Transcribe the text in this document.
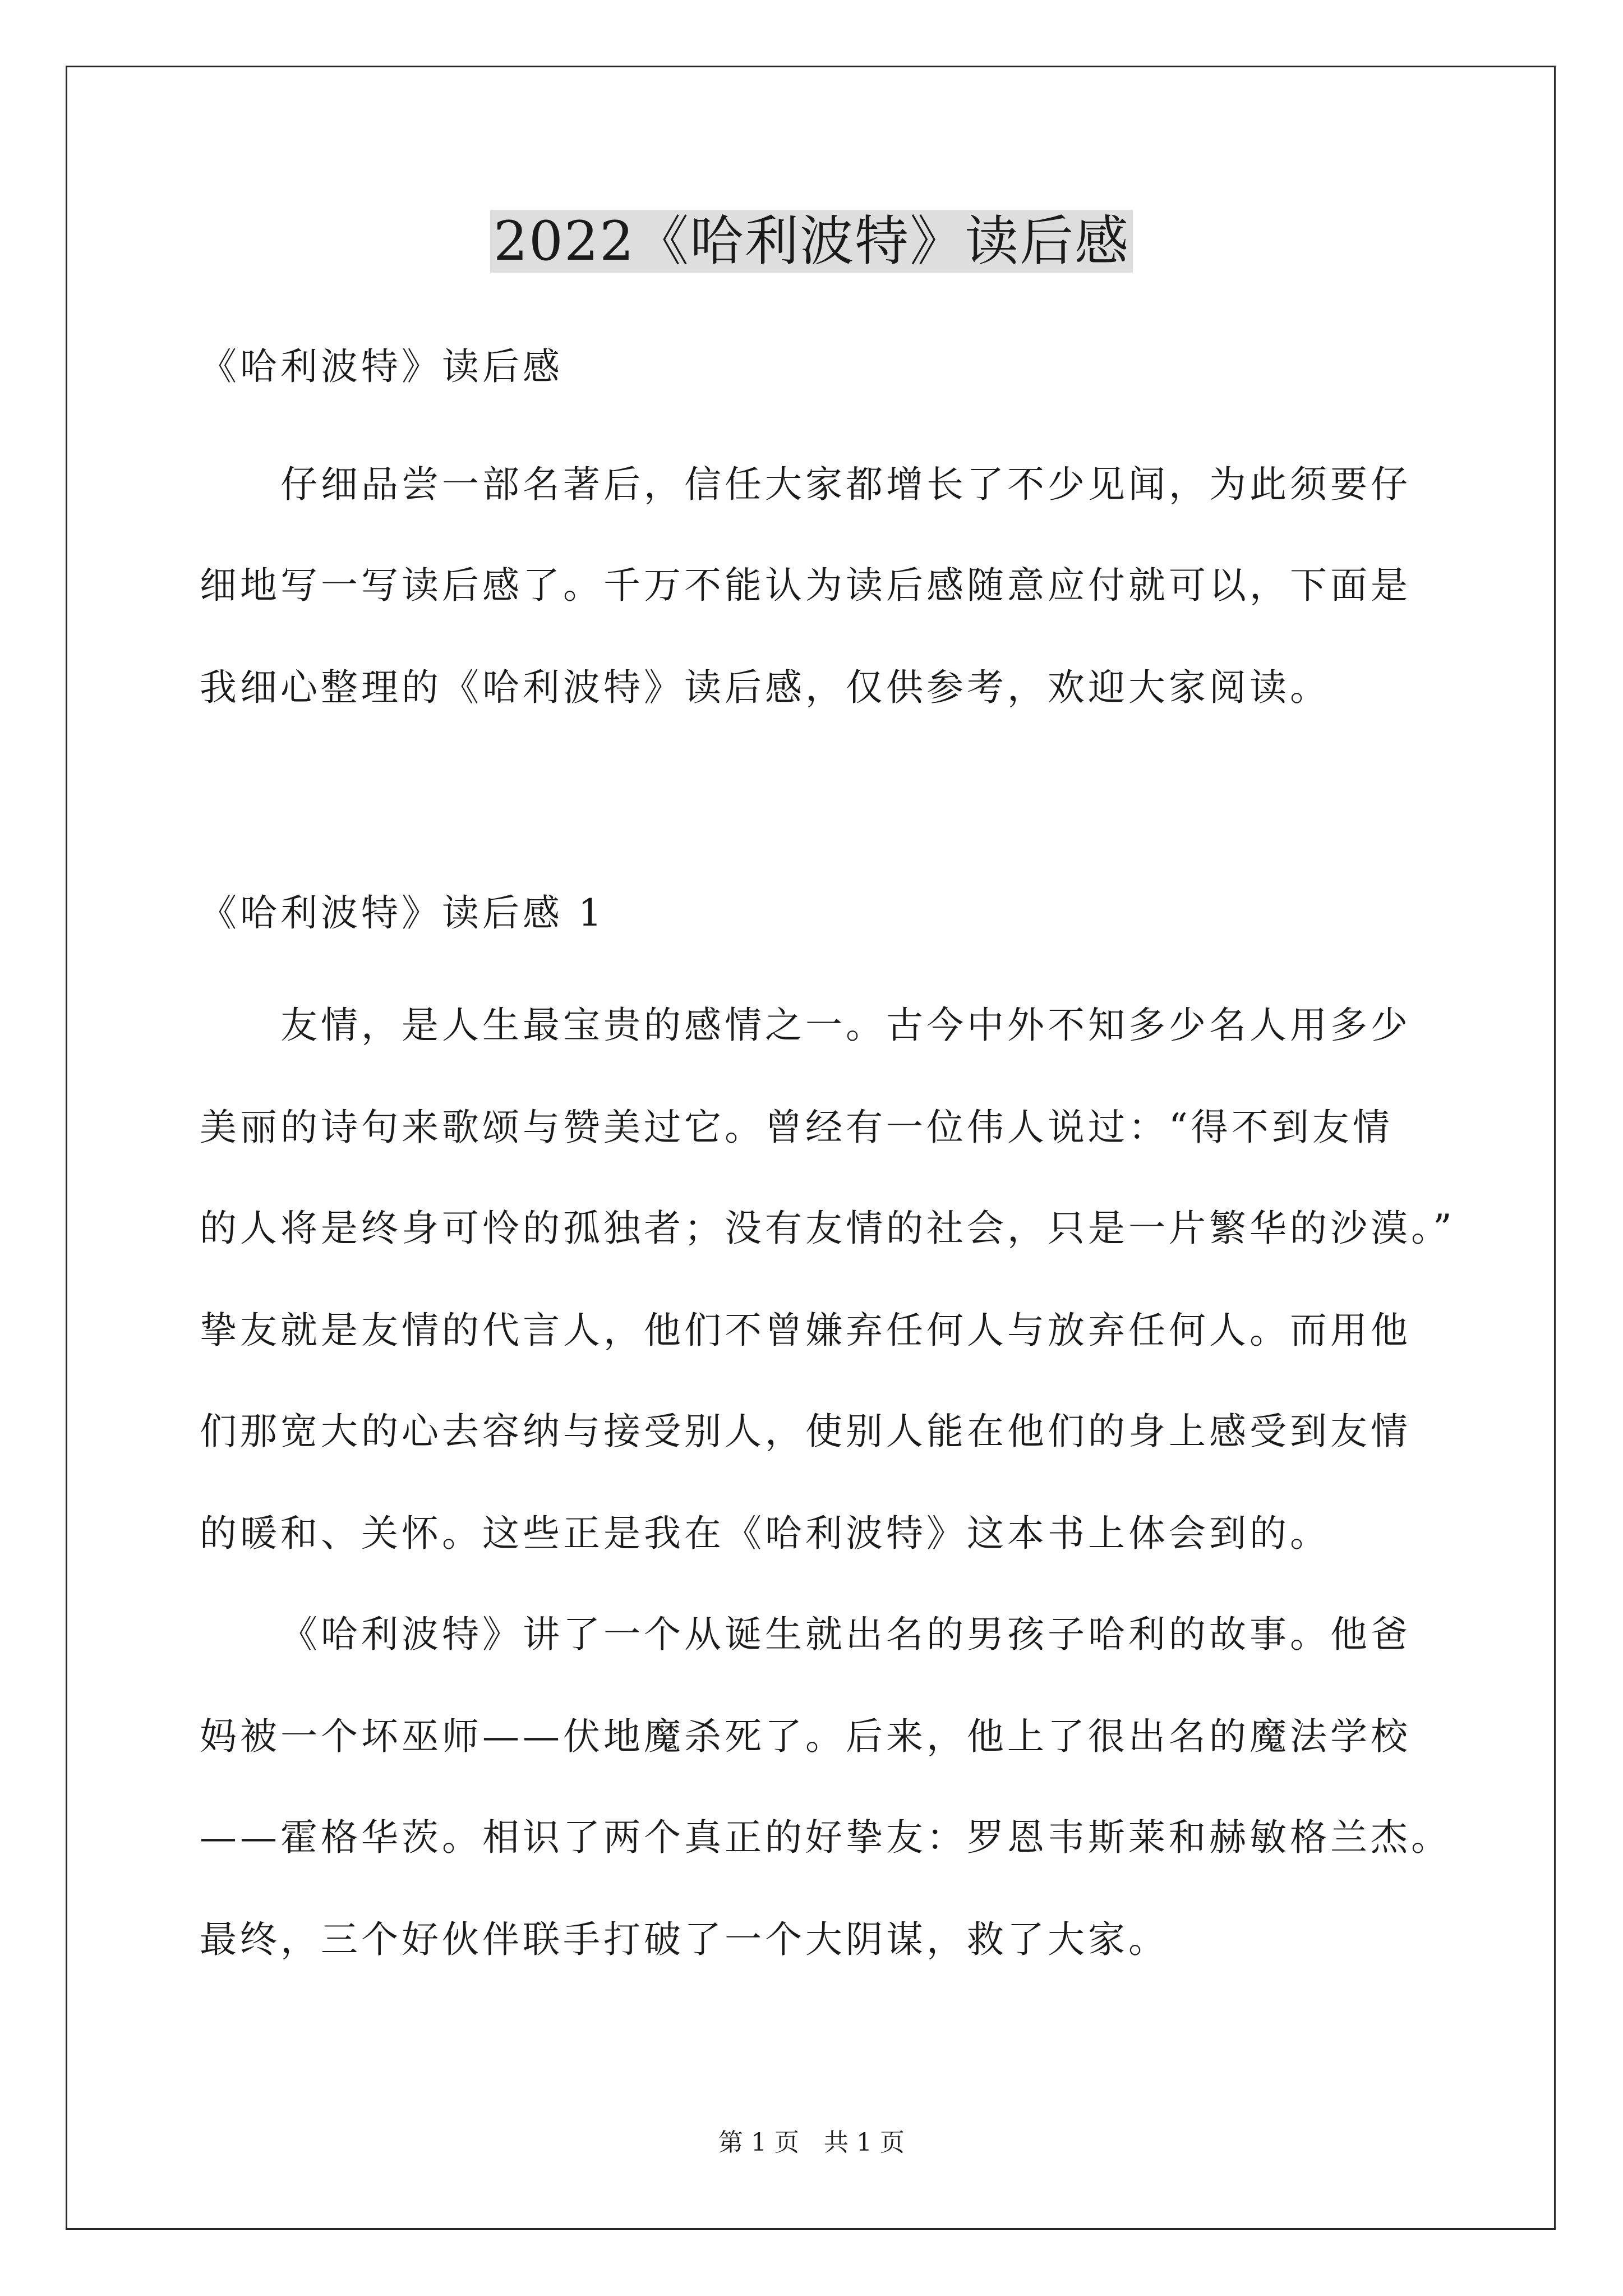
2022《哈利波特》读后感
《哈利波特》读后感
仔细品尝一部名著后，信任大家都增长了不少见闻，为此须要仔
细地写一写读后感了。千万不能认为读后感随意应付就可以，下面是
我细心整理的《哈利波特》读后感，仅供参考，欢迎大家阅读。
《哈利波特》读后感 1
友情，是人生最宝贵的感情之一。古今中外不知多少名人用多少
美丽的诗句来歌颂与赞美过它。曾经有一位伟人说过：“得不到友情
的人将是终身可怜的孤独者；没有友情的社会，只是一片繁华的沙漠。”
挚友就是友情的代言人，他们不曾嫌弃任何人与放弃任何人。而用他
们那宽大的心去容纳与接受别人，使别人能在他们的身上感受到友情
的暖和、关怀。这些正是我在《哈利波特》这本书上体会到的。
《哈利波特》讲了一个从诞生就出名的男孩子哈利的故事。他爸
妈被一个坏巫师——伏地魔杀死了。后来，他上了很出名的魔法学校
——霍格华茨。相识了两个真正的好挚友：罗恩韦斯莱和赫敏格兰杰。
最终，三个好伙伴联手打破了一个大阴谋，救了大家。
第 1 页　共 1 页
